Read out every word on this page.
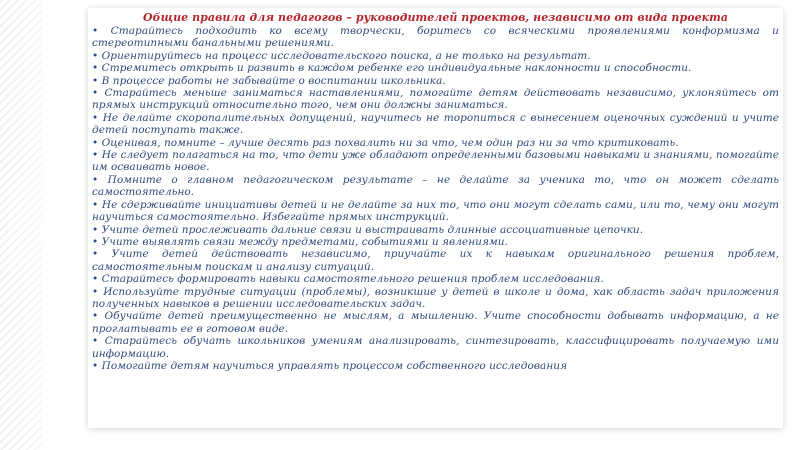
Общие правила для педагогов – руководителей проектов, независимо от вида проекта
• Старайтесь подходить ко всему творчески, боритесь со всяческими проявлениями конформизма и стереотипными банальными решениями.
• Ориентируйтесь на процесс исследовательского поиска, а не только на результат.
• Стремитесь открыть и развить в каждом ребенке его индивидуальные наклонности и способности.
• В процессе работы не забывайте о воспитании школьника.
• Старайтесь меньше заниматься наставлениями, помогайте детям действовать независимо, уклоняйтесь от прямых инструкций относительно того, чем они должны заниматься.
• Не делайте скоропалительных допущений, научитесь не торопиться с вынесением оценочных суждений и учите детей поступать также.
• Оценивая, помните – лучше десять раз похвалить ни за что, чем один раз ни за что критиковать.
• Не следует полагаться на то, что дети уже обладают определенными базовыми навыками и знаниями, помогайте им осваивать новое.
• Помните о главном педагогическом результате – не делайте за ученика то, что он может сделать самостоятельно.
• Не сдерживайте инициативы детей и не делайте за них то, что они могут сделать сами, или то, чему они могут научиться самостоятельно. Избегайте прямых инструкций.
• Учите детей прослеживать дальние связи и выстраивать длинные ассоциативные цепочки.
• Учите выявлять связи между предметами, событиями и явлениями.
• Учите детей действовать независимо, приучайте их к навыкам оригинального решения проблем, самостоятельным поискам и анализу ситуаций.
• Старайтесь формировать навыки самостоятельного решения проблем исследования.
• Используйте трудные ситуации (проблемы), возникшие у детей в школе и дома, как область задач приложения полученных навыков в решении исследовательских задач.
• Обучайте детей преимущественно не мыслям, а мышлению. Учите способности добывать информацию, а не проглатывать ее в готовом виде.
• Старайтесь обучать школьников умениям анализировать, синтезировать, классифицировать получаемую ими информацию.
• Помогайте детям научиться управлять процессом собственного исследования
